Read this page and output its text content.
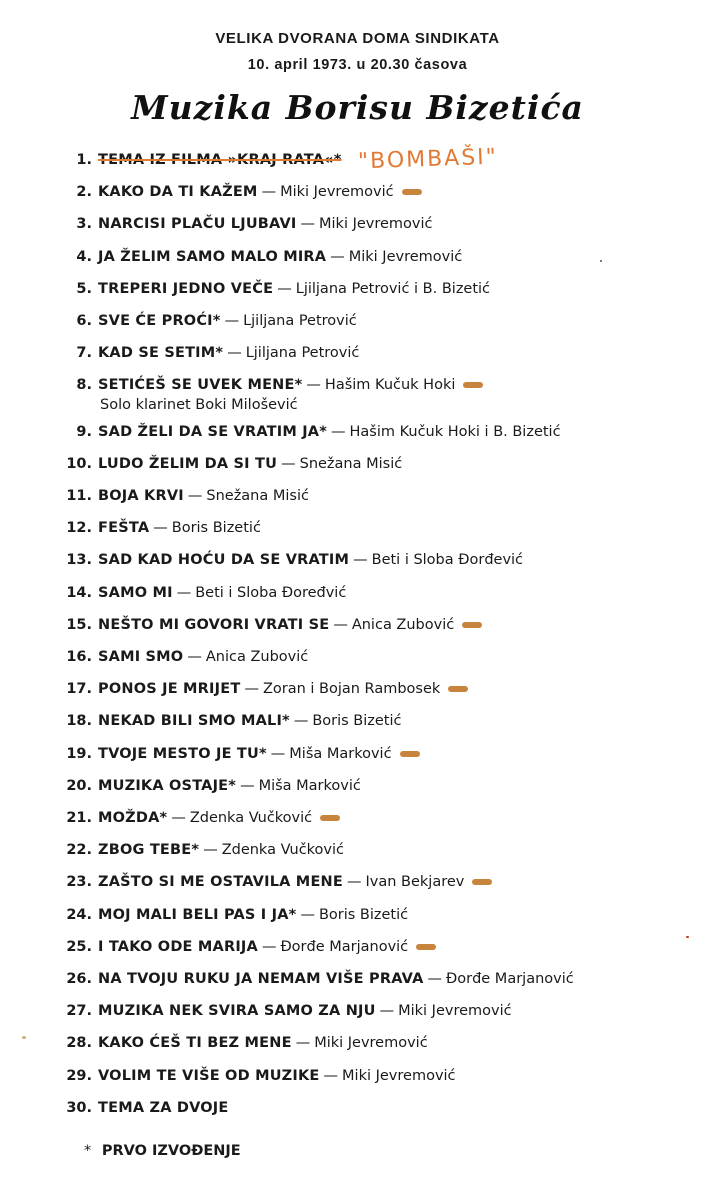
VELIKA DVORANA DOMA SINDIKATA
10. april 1973. u 20.30 časova
Muzika Borisu Bizetića
"BOMBAŠI"
1. TEMA IZ FILMA »KRAJ RATA«*
2. KAKO DA TI KAŽEM — Miki Jevremović
3. NARCISI PLAČU LJUBAVI — Miki Jevremović
4. JA ŽELIM SAMO MALO MIRA — Miki Jevremović
5. TREPERI JEDNO VEČE — Ljiljana Petrović i B. Bizetić
6. SVE ĆE PROĆI* — Ljiljana Petrović
7. KAD SE SETIM* — Ljiljana Petrović
8. SETIĆEŠ SE UVEK MENE* — Hašim Kučuk Hoki
Solo klarinet Boki Milošević
9. SAD ŽELI DA SE VRATIM JA* — Hašim Kučuk Hoki i B. Bizetić
10. LUDO ŽELIM DA SI TU — Snežana Misić
11. BOJA KRVI — Snežana Misić
12. FEŠTA — Boris Bizetić
13. SAD KAD HOĆU DA SE VRATIM — Beti i Sloba Đorđević
14. SAMO MI — Beti i Sloba Đoređvić
15. NEŠTO MI GOVORI VRATI SE — Anica Zubović
16. SAMI SMO — Anica Zubović
17. PONOS JE MRIJET — Zoran i Bojan Rambosek
18. NEKAD BILI SMO MALI* — Boris Bizetić
19. TVOJE MESTO JE TU* — Miša Marković
20. MUZIKA OSTAJE* — Miša Marković
21. MOŽDA* — Zdenka Vučković
22. ZBOG TEBE* — Zdenka Vučković
23. ZAŠTO SI ME OSTAVILA MENE — Ivan Bekjarev
24. MOJ MALI BELI PAS I JA* — Boris Bizetić
25. I TAKO ODE MARIJA — Đorđe Marjanović
26. NA TVOJU RUKU JA NEMAM VIŠE PRAVA — Đorđe Marjanović
27. MUZIKA NEK SVIRA SAMO ZA NJU — Miki Jevremović
28. KAKO ĆEŠ TI BEZ MENE — Miki Jevremović
29. VOLIM TE VIŠE OD MUZIKE — Miki Jevremović
30. TEMA ZA DVOJE
* PRVO IZVOĐENJE
